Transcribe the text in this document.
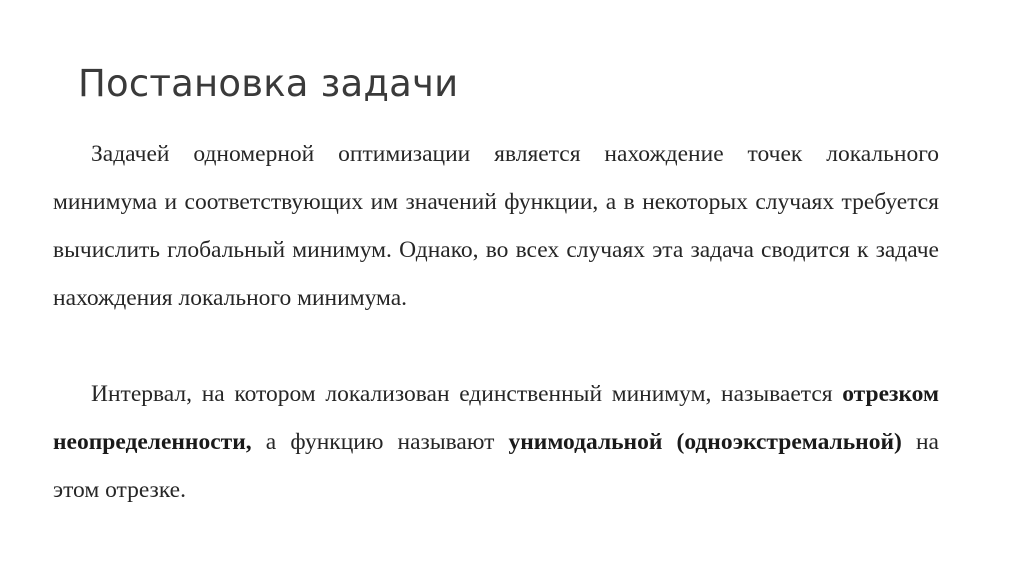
Постановка задачи

Задачей одномерной оптимизации является нахождение точек локального минимума и соответствующих им значений функции, а в некоторых случаях требуется вычислить глобальный минимум. Однако, во всех случаях эта задача сводится к задаче нахождения локального минимума.

Интервал, на котором локализован единственный минимум, называется отрезком неопределенности, а функцию называют унимодальной (одноэкстремальной) на этом отрезке.
